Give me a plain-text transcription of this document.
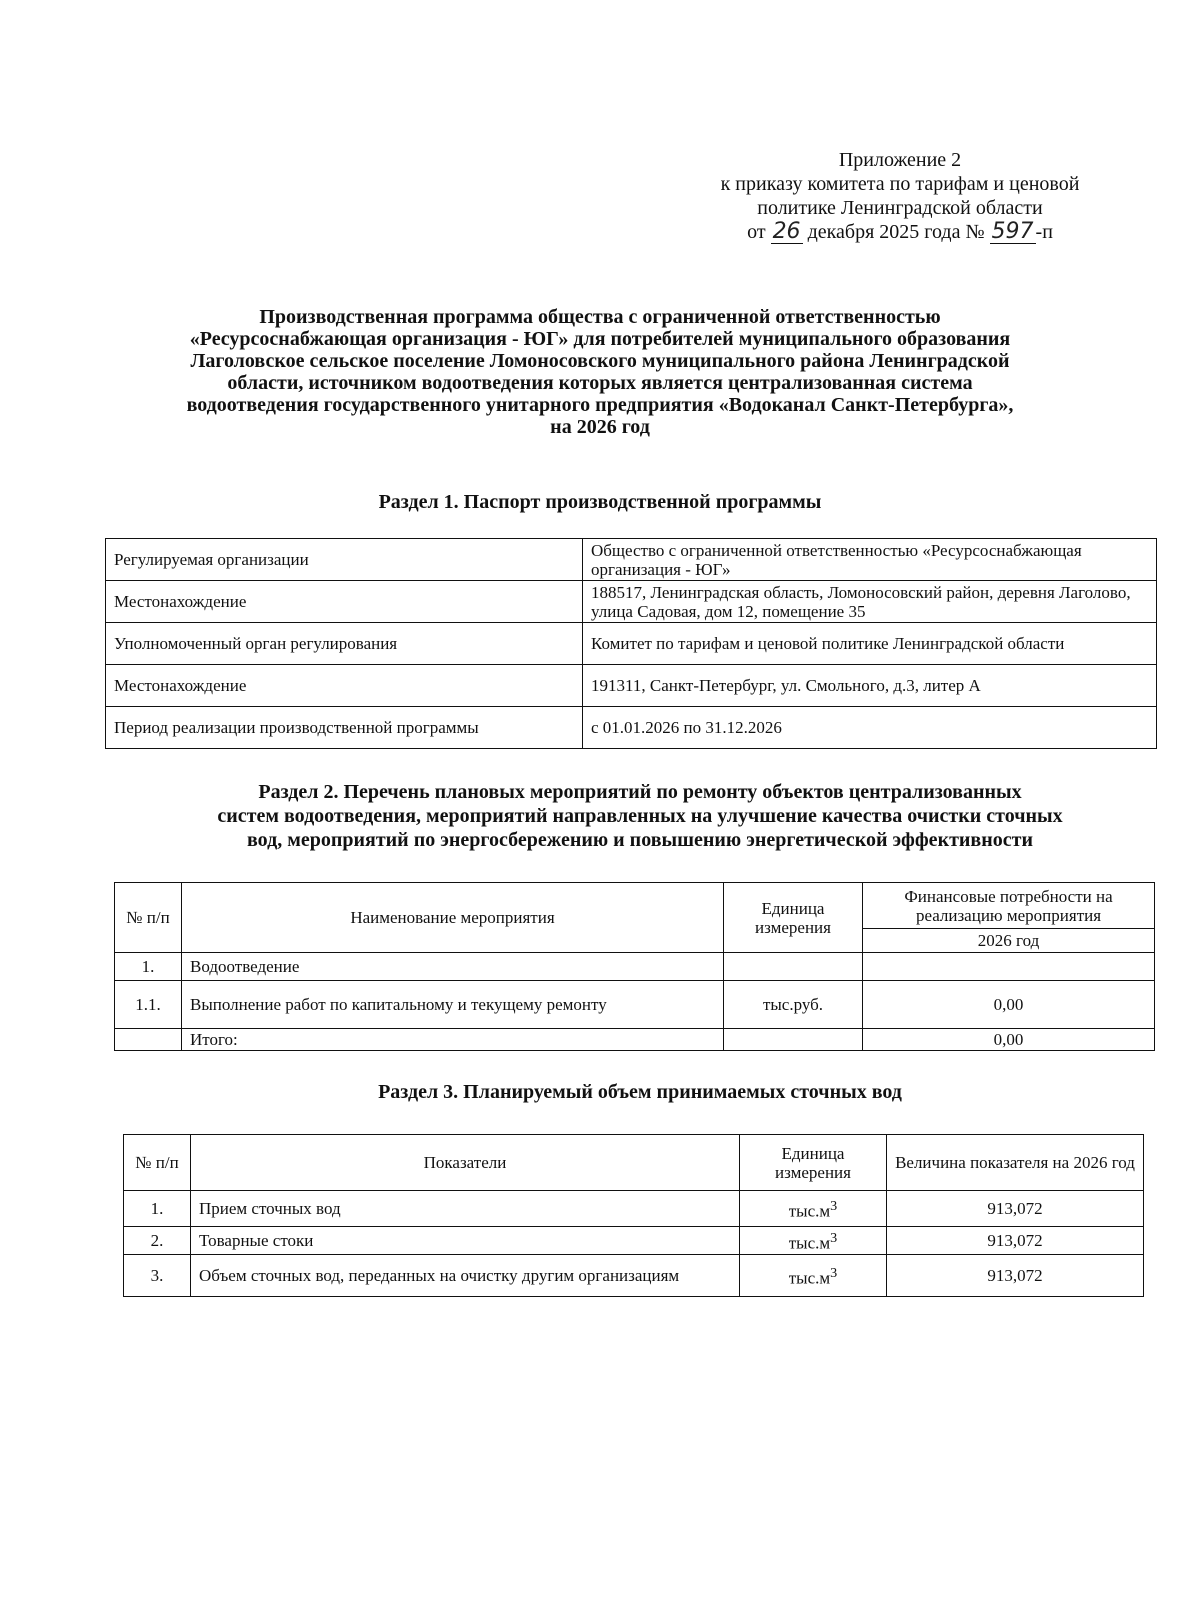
Приложение 2
к приказу комитета по тарифам и ценовой
политике Ленинградской области
от 26 декабря 2025 года № 597 -п
Производственная программа общества с ограниченной ответственностью
«Ресурсоснабжающая организация - ЮГ» для потребителей муниципального образования
Лаголовское сельское поселение Ломоносовского муниципального района Ленинградской
области, источником водоотведения которых является централизованная система
водоотведения государственного унитарного предприятия «Водоканал Санкт-Петербурга»,
на 2026 год
Раздел 1. Паспорт производственной программы
Регулируемая организации	Общество с ограниченной ответственностью «Ресурсоснабжающая организация - ЮГ»
Местонахождение	188517, Ленинградская область, Ломоносовский район, деревня Лаголово, улица Садовая, дом 12, помещение 35
Уполномоченный орган регулирования	Комитет по тарифам и ценовой политике Ленинградской области
Местонахождение	191311, Санкт-Петербург, ул. Смольного, д.3, литер А
Период реализации производственной программы	с 01.01.2026 по 31.12.2026
Раздел 2. Перечень плановых мероприятий по ремонту объектов централизованных
систем водоотведения, мероприятий направленных на улучшение качества очистки сточных
вод, мероприятий по энергосбережению и повышению энергетической эффективности
№ п/п	Наименование мероприятия	Единица измерения	Финансовые потребности на реализацию мероприятия
			2026 год
1.	Водоотведение		
1.1.	Выполнение работ по капитальному и текущему ремонту	тыс.руб.	0,00
	Итого:		0,00
Раздел 3. Планируемый объем принимаемых сточных вод
№ п/п	Показатели	Единица измерения	Величина показателя на 2026 год
1.	Прием сточных вод	$тыс.м^3$	913,072
2.	Товарные стоки	$тыс.м^3$	913,072
3.	Объем сточных вод, переданных на очистку другим организациям	$тыс.м^3$	913,072
